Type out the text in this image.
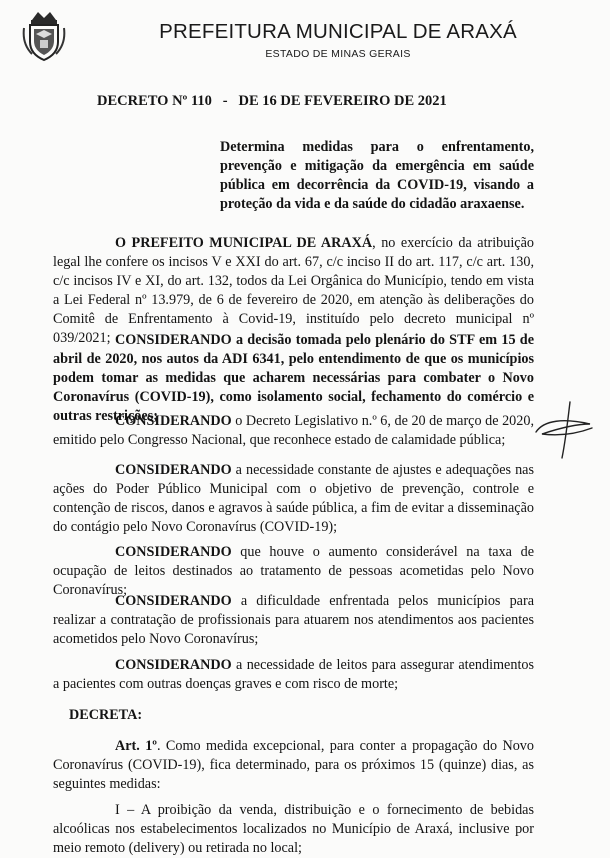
PREFEITURA MUNICIPAL DE ARAXÁ
ESTADO DE MINAS GERAIS
DECRETO Nº 110   -   DE 16 DE FEVEREIRO DE 2021
Determina medidas para o enfrentamento, prevenção e mitigação da emergência em saúde pública em decorrência da COVID-19, visando a proteção da vida e da saúde do cidadão araxaense.
O PREFEITO MUNICIPAL DE ARAXÁ, no exercício da atribuição legal lhe confere os incisos V e XXI do art. 67, c/c inciso II do art. 117, c/c art. 130, c/c incisos IV e XI, do art. 132, todos da Lei Orgânica do Município, tendo em vista a Lei Federal nº 13.979, de 6 de fevereiro de 2020, em atenção às deliberações do Comitê de Enfrentamento à Covid-19, instituído pelo decreto municipal nº 039/2021; CONSIDERANDO a decisão tomada pelo plenário do STF em 15 de abril de 2020, nos autos da ADI 6341, pelo entendimento de que os municípios podem tomar as medidas que acharem necessárias para combater o Novo Coronavírus (COVID-19), como isolamento social, fechamento do comércio e outras restrições;
CONSIDERANDO o Decreto Legislativo n.º 6, de 20 de março de 2020, emitido pelo Congresso Nacional, que reconhece estado de calamidade pública;
CONSIDERANDO a necessidade constante de ajustes e adequações nas ações do Poder Público Municipal com o objetivo de prevenção, controle e contenção de riscos, danos e agravos à saúde pública, a fim de evitar a disseminação do contágio pelo Novo Coronavírus (COVID-19);
CONSIDERANDO que houve o aumento considerável na taxa de ocupação de leitos destinados ao tratamento de pessoas acometidas pelo Novo Coronavírus;
CONSIDERANDO a dificuldade enfrentada pelos municípios para realizar a contratação de profissionais para atuarem nos atendimentos aos pacientes acometidos pelo Novo Coronavírus;
CONSIDERANDO a necessidade de leitos para assegurar atendimentos a pacientes com outras doenças graves e com risco de morte;
DECRETA:
Art. 1º. Como medida excepcional, para conter a propagação do Novo Coronavírus (COVID-19), fica determinado, para os próximos 15 (quinze) dias, as seguintes medidas:
I – A proibição da venda, distribuição e o fornecimento de bebidas alcoólicas nos estabelecimentos localizados no Município de Araxá, inclusive por meio remoto (delivery) ou retirada no local;
